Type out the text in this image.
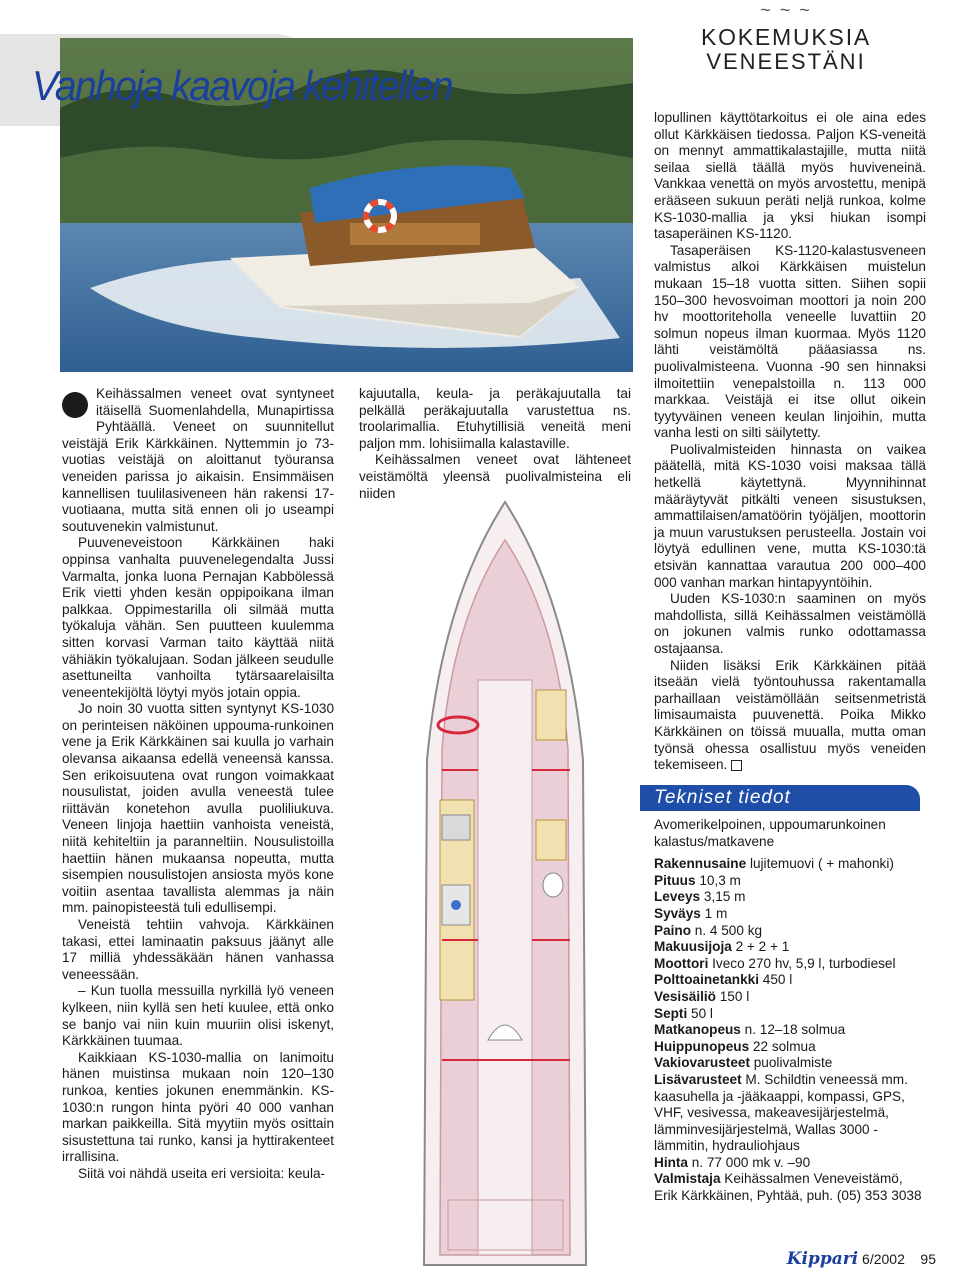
Vanhoja kaavoja kehitellen
~ ~ ~
KOKEMUKSIA
VENEESTÄNI

Keihässalmen veneet ovat syntyneet itäisellä Suomenlahdella, Munapirtissa Pyhtäällä. Veneet on suunnitellut veistäjä Erik Kärkkäinen. Nyttemmin jo 73-vuotias veistäjä on aloittanut työuransa veneiden parissa jo aikaisin. Ensimmäisen kannellisen tuulilasiveneen hän rakensi 17-vuotiaana, mutta sitä ennen oli jo useampi soutuvenekin valmistunut.

Puuveneveistoon Kärkkäinen haki oppinsa vanhalta puuvenelegendalta Jussi Varmalta, jonka luona Pernajan Kabbölessä Erik vietti yhden kesän oppipoikana ilman palkkaa. Oppimestarilla oli silmää mutta työkaluja vähän. Sen puutteen kuulemma sitten korvasi Varman taito käyttää niitä vähiäkin työkalujaan. Sodan jälkeen seudulle asettuneilta vanhoilta tytärsaarelaisilta veneentekijöltä löytyi myös jotain oppia.

Jo noin 30 vuotta sitten syntynyt KS-1030 on perinteisen näköinen uppouma-runkoinen vene ja Erik Kärkkäinen sai kuulla jo varhain olevansa aikaansa edellä veneensä kanssa. Sen erikoisuutena ovat rungon voimakkaat nousulistat, joiden avulla veneestä tulee riittävän konetehon avulla puoliliukuva. Veneen linjoja haettiin vanhoista veneistä, niitä kehiteltiin ja paranneltiin. Nousulistoilla haettiin hänen mukaansa nopeutta, mutta sisempien nousulistojen ansiosta myös kone voitiin asentaa tavallista alemmas ja näin mm. painopisteestä tuli edullisempi.

Veneistä tehtiin vahvoja. Kärkkäinen takasi, ettei laminaatin paksuus jäänyt alle 17 milliä yhdessäkään hänen vanhassa veneessään.

– Kun tuolla messuilla nyrkillä lyö veneen kylkeen, niin kyllä sen heti kuulee, että onko se banjo vai niin kuin muuriin olisi iskenyt, Kärkkäinen tuumaa.

Kaikkiaan KS-1030-mallia on lanimoitu hänen muistinsa mukaan noin 120–130 runkoa, kenties jokunen enemmänkin. KS-1030:n rungon hinta pyöri 40 000 vanhan markan paikkeilla. Sitä myytiin myös osittain sisustettuna tai runko, kansi ja hyttirakenteet irrallisina.

Siitä voi nähdä useita eri versioita: keula-

kajuutalla, keula- ja peräkajuutalla tai pelkällä peräkajuutalla varustettua ns. troolarimallia. Etuhytillisiä veneitä meni paljon mm. lohisiimalla kalastaville.

Keihässalmen veneet ovat lähteneet veistämöltä yleensä puolivalmisteina eli niiden

lopullinen käyttötarkoitus ei ole aina edes ollut Kärkkäisen tiedossa. Paljon KS-veneitä on mennyt ammattikalastajille, mutta niitä seilaa siellä täällä myös huviveneinä. Vankkaa venettä on myös arvostettu, menipä erääseen sukuun peräti neljä runkoa, kolme KS-1030-mallia ja yksi hiukan isompi tasaperäinen KS-1120.

Tasaperäisen KS-1120-kalastusveneen valmistus alkoi Kärkkäisen muistelun mukaan 15–18 vuotta sitten. Siihen sopii 150–300 hevosvoiman moottori ja noin 200 hv moottoriteholla veneelle luvattiin 20 solmun nopeus ilman kuormaa. Myös 1120 lähti veistämöltä pääasiassa ns. puolivalmisteena. Vuonna -90 sen hinnaksi ilmoitettiin venepalstoilla n. 113 000 markkaa. Veistäjä ei itse ollut oikein tyytyväinen veneen keulan linjoihin, mutta vanha lesti on silti säilytetty.

Puolivalmisteiden hinnasta on vaikea päätellä, mitä KS-1030 voisi maksaa tällä hetkellä käytettynä. Myynnihinnat määräytyvät pitkälti veneen sisustuksen, ammattilaisen/amatöörin työjäljen, moottorin ja muun varustuksen perusteella. Jostain voi löytyä edullinen vene, mutta KS-1030:tä etsivän kannattaa varautua 200 000–400 000 vanhan markan hintapyyntöihin.

Uuden KS-1030:n saaminen on myös mahdollista, sillä Keihässalmen veistämöllä on jokunen valmis runko odottamassa ostajaansa.

Niiden lisäksi Erik Kärkkäinen pitää itseään vielä työntouhussa rakentamalla parhaillaan veistämöllään seitsenmetristä limisaumaista puuvenettä. Poika Mikko Kärkkäinen on töissä muualla, mutta oman työnsä ohessa osallistuu myös veneiden tekemiseen.

Tekniset tiedot
Avomerikelpoinen, uppoumarunkoinen kalastus/matkavene
Rakennusaine lujitemuovi ( + mahonki)
Pituus 10,3 m
Leveys 3,15 m
Syväys 1 m
Paino n. 4 500 kg
Makuusijoja 2 + 2 + 1
Moottori Iveco 270 hv, 5,9 l, turbodiesel
Polttoainetankki 450 l
Vesisäiliö 150 l
Septi 50 l
Matkanopeus n. 12–18 solmua
Huippunopeus 22 solmua
Vakiovarusteet puolivalmiste
Lisävarusteet M. Schildtin veneessä mm. kaasuhella ja -jääkaappi, kompassi, GPS, VHF, vesivessa, makeavesijärjestelmä, lämminvesijärjestelmä, Wallas 3000 -lämmitin, hydrauliohjaus
Hinta n. 77 000 mk v. –90
Valmistaja Keihässalmen Veneveistämö, Erik Kärkkäinen, Pyhtää, puh. (05) 353 3038
Kippari 6/2002 95
